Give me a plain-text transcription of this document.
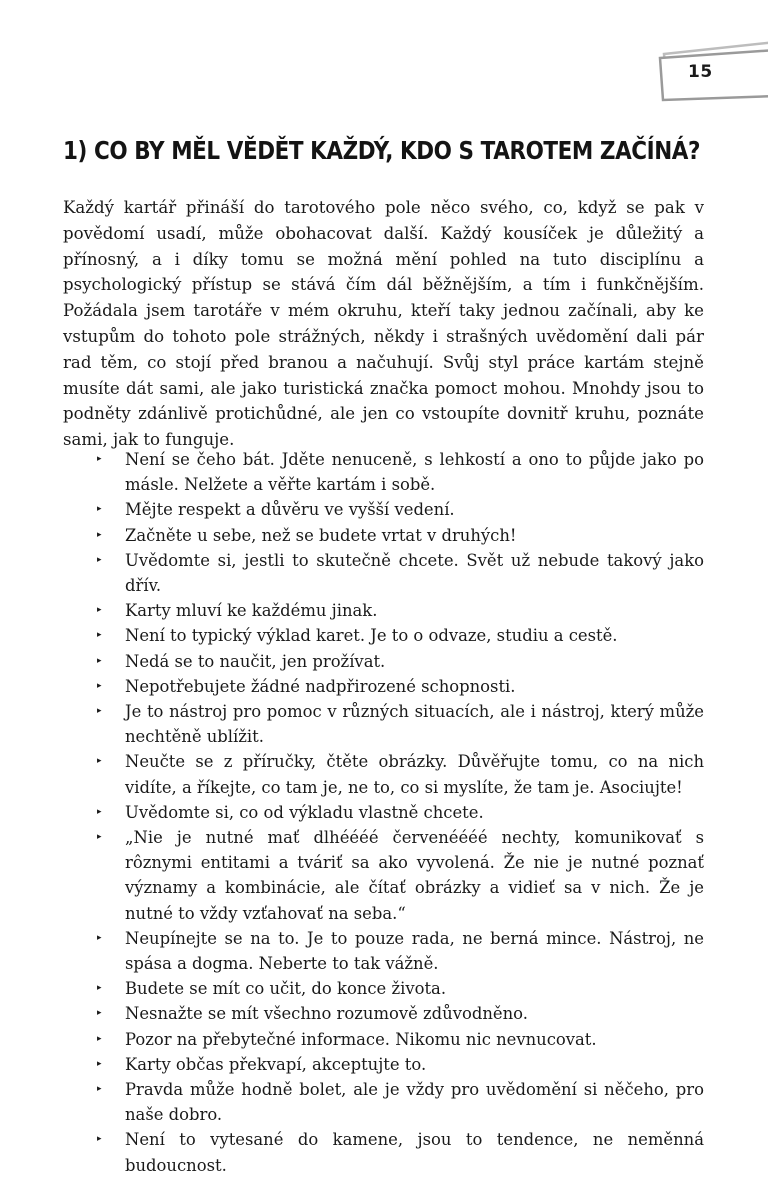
15
1) CO BY MĚL VĚDĚT KAŽDÝ, KDO S TAROTEM ZAČÍNÁ?

Každý kartář přináší do tarotového pole něco svého, co, když se pak v povědomí usadí, může obohacovat další. Každý kousíček je důležitý a přínosný, a i díky tomu se možná mění pohled na tuto disciplínu a psychologický přístup se stává čím dál běžnějším, a tím i funkčnějším. Požádala jsem tarotáře v mém okruhu, kteří taky jednou začínali, aby ke vstupům do tohoto pole strážných, někdy i strašných uvědomění dali pár rad těm, co stojí před branou a načuhují. Svůj styl práce kartám stejně musíte dát sami, ale jako turistická značka pomoct mohou. Mnohdy jsou to podněty zdánlivě protichůdné, ale jen co vstoupíte dovnitř kruhu, poznáte sami, jak to funguje.

▸ Není se čeho bát. Jděte nenuceně, s lehkostí a ono to půjde jako po másle. Nelžete a věřte kartám i sobě.
▸ Mějte respekt a důvěru ve vyšší vedení.
▸ Začněte u sebe, než se budete vrtat v druhých!
▸ Uvědomte si, jestli to skutečně chcete. Svět už nebude takový jako dřív.
▸ Karty mluví ke každému jinak.
▸ Není to typický výklad karet. Je to o odvaze, studiu a cestě.
▸ Nedá se to naučit, jen prožívat.
▸ Nepotřebujete žádné nadpřirozené schopnosti.
▸ Je to nástroj pro pomoc v různých situacích, ale i nástroj, který může nechtěně ublížit.
▸ Neučte se z příručky, čtěte obrázky. Důvěřujte tomu, co na nich vidíte, a říkejte, co tam je, ne to, co si myslíte, že tam je. Asociujte!
▸ Uvědomte si, co od výkladu vlastně chcete.
▸ „Nie je nutné mať dlhéééé červenéééé nechty, komunikovať s rôznymi entitami a tváriť sa ako vyvolená. Že nie je nutné poznať významy a kombinácie, ale čítať obrázky a vidieť sa v nich. Že je nutné to vždy vzťahovať na seba.“
▸ Neupínejte se na to. Je to pouze rada, ne berná mince. Nástroj, ne spása a dogma. Neberte to tak vážně.
▸ Budete se mít co učit, do konce života.
▸ Nesnažte se mít všechno rozumově zdůvodněno.
▸ Pozor na přebytečné informace. Nikomu nic nevnucovat.
▸ Karty občas překvapí, akceptujte to.
▸ Pravda může hodně bolet, ale je vždy pro uvědomění si něčeho, pro naše dobro.
▸ Není to vytesané do kamene, jsou to tendence, ne neměnná budoucnost.
